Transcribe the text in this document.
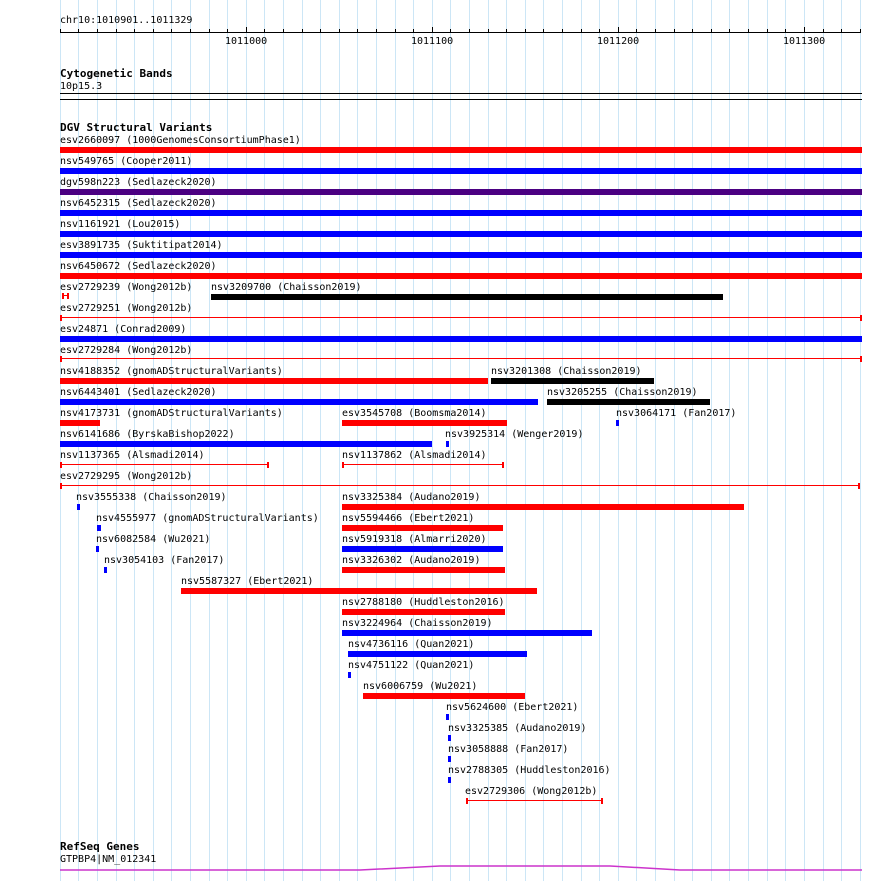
chr10:1010901..1011329
1011000	1011100	1011200	1011300
Cytogenetic Bands
10p15.3
DGV Structural Variants
esv2660097 (1000GenomesConsortiumPhase1)
nsv549765 (Cooper2011)
dgv598n223 (Sedlazeck2020)
nsv6452315 (Sedlazeck2020)
nsv1161921 (Lou2015)
esv3891735 (Suktitipat2014)
nsv6450672 (Sedlazeck2020)
esv2729239 (Wong2012b) nsv3209700 (Chaisson2019)
esv2729251 (Wong2012b)
esv24871 (Conrad2009)
esv2729284 (Wong2012b)
nsv4188352 (gnomADStructuralVariants)	nsv3201308 (Chaisson2019)
nsv6443401 (Sedlazeck2020)	nsv3205255 (Chaisson2019)
nsv4173731 (gnomADStructuralVariants)	esv3545708 (Boomsma2014)	nsv3064171 (Fan2017)
nsv6141686 (ByrskaBishop2022)	nsv3925314 (Wenger2019)
nsv1137365 (Alsmadi2014)	nsv1137862 (Alsmadi2014)
esv2729295 (Wong2012b)
nsv3555338 (Chaisson2019)	nsv3325384 (Audano2019)
nsv4555977 (gnomADStructuralVariants) nsv5594466 (Ebert2021)
nsv6082584 (Wu2021)	nsv5919318 (Almarri2020)
nsv3054103 (Fan2017)	nsv3326302 (Audano2019)
nsv5587327 (Ebert2021)
nsv2788180 (Huddleston2016)
nsv3224964 (Chaisson2019)
nsv4736116 (Quan2021)
nsv4751122 (Quan2021)
nsv6006759 (Wu2021)
nsv5624600 (Ebert2021)
nsv3325385 (Audano2019)
nsv3058888 (Fan2017)
nsv2788305 (Huddleston2016)
esv2729306 (Wong2012b)
RefSeq Genes
GTPBP4|NM_012341
